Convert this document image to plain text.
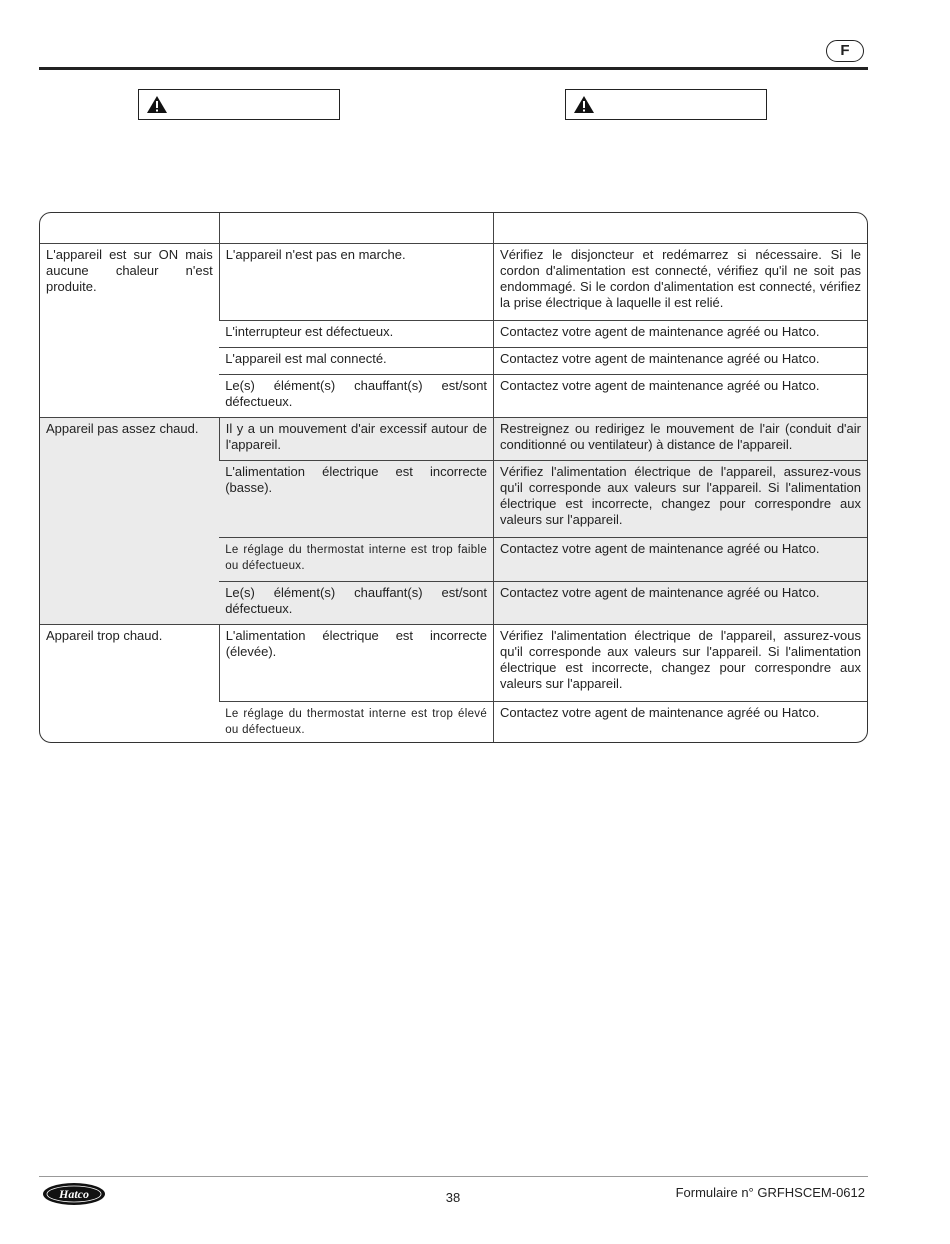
F

L'appareil est sur ON mais aucune chaleur n'est produite.	L'appareil n'est pas en marche.	Vérifiez le disjoncteur et redémarrez si nécessaire. Si le cordon d'alimentation est connecté, vérifiez qu'il ne soit pas endommagé. Si le cordon d'alimentation est connecté, vérifiez la prise électrique à laquelle il est relié.
	L'interrupteur est défectueux.	Contactez votre agent de maintenance agréé ou Hatco.
	L'appareil est mal connecté.	Contactez votre agent de maintenance agréé ou Hatco.
	Le(s) élément(s) chauffant(s) est/sont défectueux.	Contactez votre agent de maintenance agréé ou Hatco.
Appareil pas assez chaud.	Il y a un mouvement d'air excessif autour de l'appareil.	Restreignez ou redirigez le mouvement de l'air (conduit d'air conditionné ou ventilateur) à distance de l'appareil.
	L'alimentation électrique est incorrecte (basse).	Vérifiez l'alimentation électrique de l'appareil, assurez-vous qu'il corresponde aux valeurs sur l'appareil. Si l'alimentation électrique est incorrecte, changez pour correspondre aux valeurs sur l'appareil.
	Le réglage du thermostat interne est trop faible ou défectueux.	Contactez votre agent de maintenance agréé ou Hatco.
	Le(s) élément(s) chauffant(s) est/sont défectueux.	Contactez votre agent de maintenance agréé ou Hatco.
Appareil trop chaud.	L'alimentation électrique est incorrecte (élevée).	Vérifiez l'alimentation électrique de l'appareil, assurez-vous qu'il corresponde aux valeurs sur l'appareil. Si l'alimentation électrique est incorrecte, changez pour correspondre aux valeurs sur l'appareil.
	Le réglage du thermostat interne est trop élevé ou défectueux.	Contactez votre agent de maintenance agréé ou Hatco.
Hatco	38	Formulaire n° GRFHSCEM-0612
